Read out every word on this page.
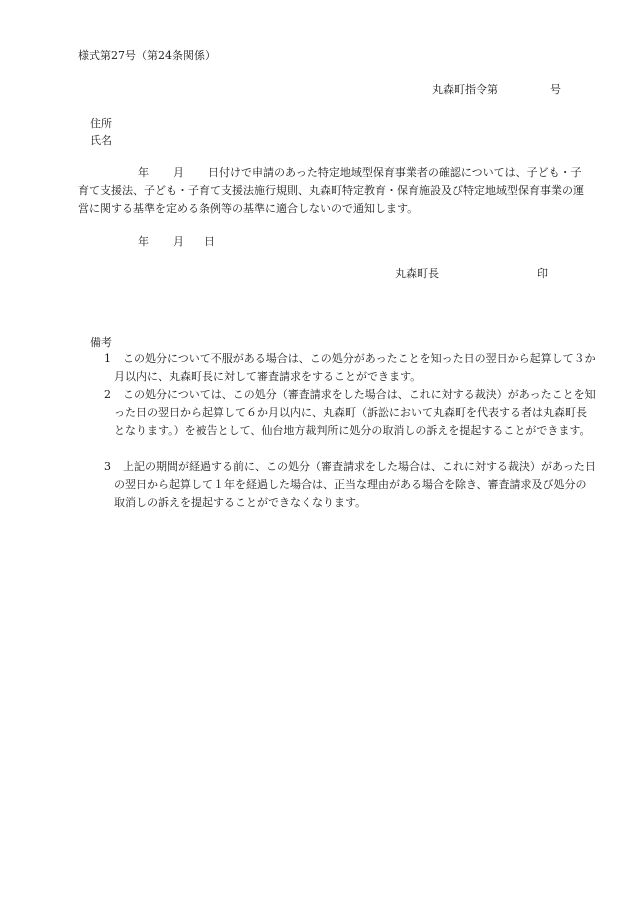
様式第27号（第24条関係）
丸森町指令第	号
住所
氏名
年 月 日付けで申請のあった特定地域型保育事業者の確認については、子ども・子育て支援法、子ども・子育て支援法施行規則、丸森町特定教育・保育施設及び特定地域型保育事業の運営に関する基準を定める条例等の基準に適合しないので通知します。
年 月 日
丸森町長	印
備考
1 この処分について不服がある場合は、この処分があったことを知った日の翌日から起算して３か月以内に、丸森町長に対して審査請求をすることができます。
2 この処分については、この処分（審査請求をした場合は、これに対する裁決）があったことを知った日の翌日から起算して６か月以内に、丸森町（訴訟において丸森町を代表する者は丸森町長となります。）を被告として、仙台地方裁判所に処分の取消しの訴えを提起することができます。
3 上記の期間が経過する前に、この処分（審査請求をした場合は、これに対する裁決）があった日の翌日から起算して１年を経過した場合は、正当な理由がある場合を除き、審査請求及び処分の取消しの訴えを提起することができなくなります。
